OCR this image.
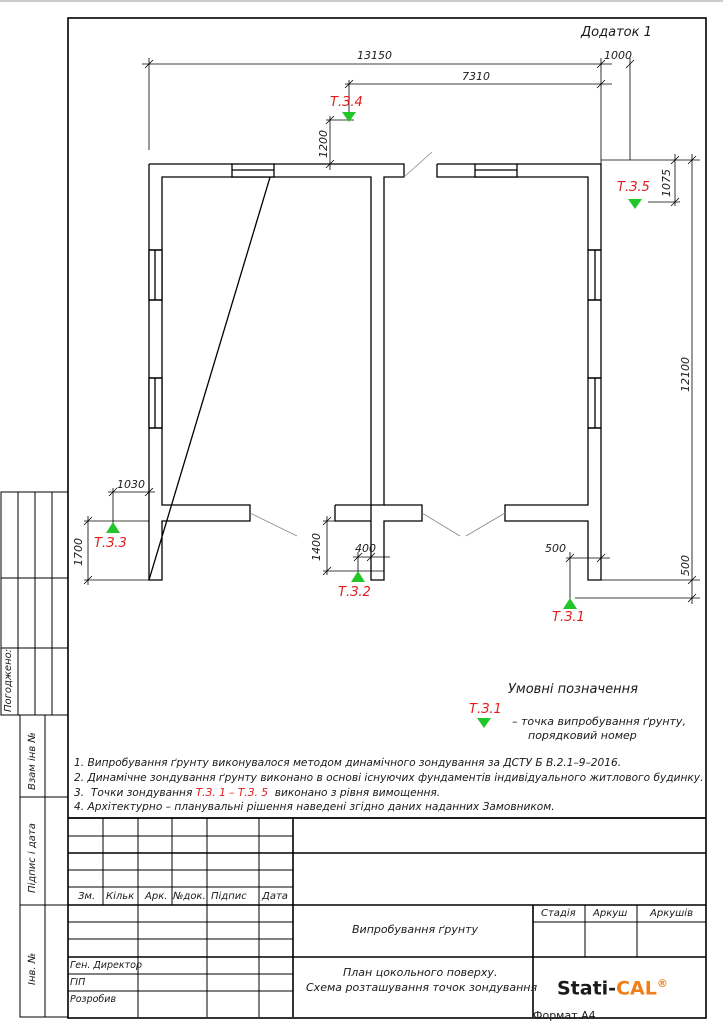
Додаток 1
13150	1000
7310
1200
1075
12100
1030
1700	400
1400	500
500
Т.З.4
Т.З.5
Т.З.3
Т.З.2
Т.З.1
Умовні позначення
Т.З.1
– точка випробування ґрунту,
порядковий номер
1. Випробування ґрунту виконувалося методом динамічного зондування за ДСТУ Б В.2.1–9–2016.
2. Динамічне зондування ґрунту виконано в основі існуючих фундаментів індивідуального житлового будинку.
3. Точки зондування Т.З. 1 – Т.З. 5 виконано з рівня вимощення.
4. Архітектурно – планувальні рішення наведені згідно даних наданних Замовником.
Погоджено:
Взам інв №
Підпис і дата
Інв. №
Зм. Кільк Арк. №док. Підпис Дата
Ген. Директор
ГІП
Розробив
Випробування ґрунту
План цокольного поверху.
Схема розташування точок зондування
Стадія Аркуш Аркушів
Stati-CAL®
Формат А4
